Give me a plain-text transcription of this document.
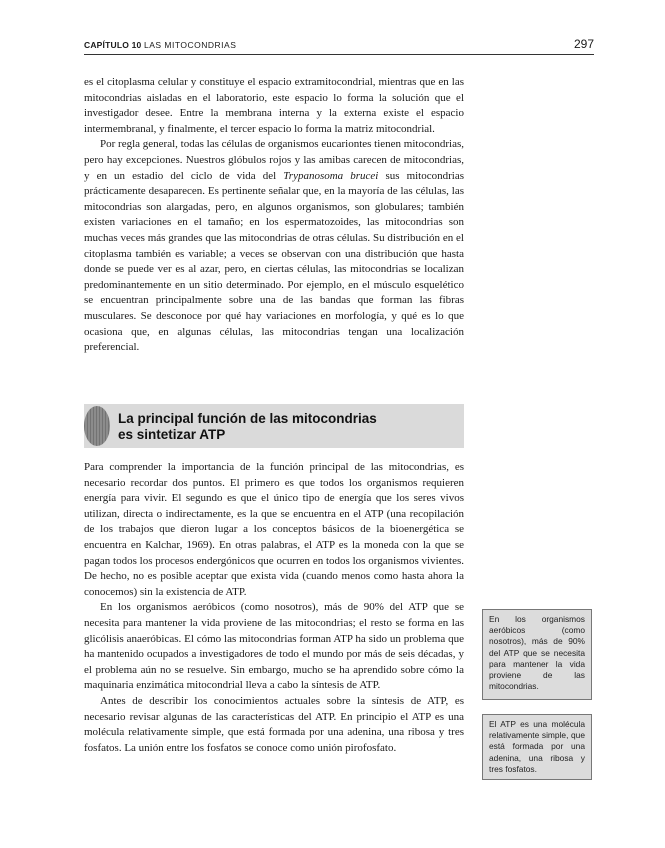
CAPÍTULO 10 LAS MITOCONDRIAS	297

es el citoplasma celular y constituye el espacio extramitocondrial, mientras que en las mitocondrias aisladas en el laboratorio, este espacio lo forma la solución que el investigador desee. Entre la membrana interna y la externa existe el espacio intermembranal, y finalmente, el tercer espacio lo forma la matriz mitocondrial.

Por regla general, todas las células de organismos eucariontes tienen mitocondrias, pero hay excepciones. Nuestros glóbulos rojos y las amibas carecen de mitocondrias, y en un estadio del ciclo de vida del Trypanosoma brucei sus mitocondrias prácticamente desaparecen. Es pertinente señalar que, en la mayoría de las células, las mitocondrias son alargadas, pero, en algunos organismos, son globulares; también existen variaciones en el tamaño; en los espermatozoides, las mitocondrias son muchas veces más grandes que las mitocondrias de otras células. Su distribución en el citoplasma también es variable; a veces se observan con una distribución que hasta donde se puede ver es al azar, pero, en ciertas células, las mitocondrias se localizan predominantemente en un sitio determinado. Por ejemplo, en el músculo esquelético se encuentran principalmente sobre una de las bandas que forman las fibras musculares. Se desconoce por qué hay variaciones en morfología, y qué es lo que ocasiona que, en algunas células, las mitocondrias tengan una localización preferencial.

La principal función de las mitocondrias
es sintetizar ATP

Para comprender la importancia de la función principal de las mitocondrias, es necesario recordar dos puntos. El primero es que todos los organismos requieren energía para vivir. El segundo es que el único tipo de energía que los seres vivos utilizan, directa o indirectamente, es la que se encuentra en el ATP (una recopilación de los trabajos que dieron lugar a los conceptos básicos de la bioenergética se encuentra en Kalchar, 1969). En otras palabras, el ATP es la moneda con la que se pagan todos los procesos endergónicos que ocurren en todos los organismos vivientes. De hecho, no es posible aceptar que exista vida (cuando menos como hasta ahora la conocemos) sin la existencia de ATP.

En los organismos aeróbicos (como nosotros), más de 90% del ATP que se necesita para mantener la vida proviene de las mitocondrias; el resto se forma en las glicólisis anaeróbicas. El cómo las mitocondrias forman ATP ha sido un problema que ha mantenido ocupados a investigadores de todo el mundo por más de seis décadas, y el problema aún no se resuelve. Sin embargo, mucho se ha aprendido sobre cómo la maquinaria enzimática mitocondrial lleva a cabo la síntesis de ATP.

Antes de describir los conocimientos actuales sobre la síntesis de ATP, es necesario revisar algunas de las características del ATP. En principio el ATP es una molécula relativamente simple, que está formada por una adenina, una ribosa y tres fosfatos. La unión entre los fosfatos se conoce como unión pirofosfato.

En los organismos aeróbicos (como nosotros), más de 90% del ATP que se necesita para mantener la vida proviene de las mitocondrias.
El ATP es una molécula relativamente simple, que está formada por una adenina, una ribosa y tres fosfatos.
